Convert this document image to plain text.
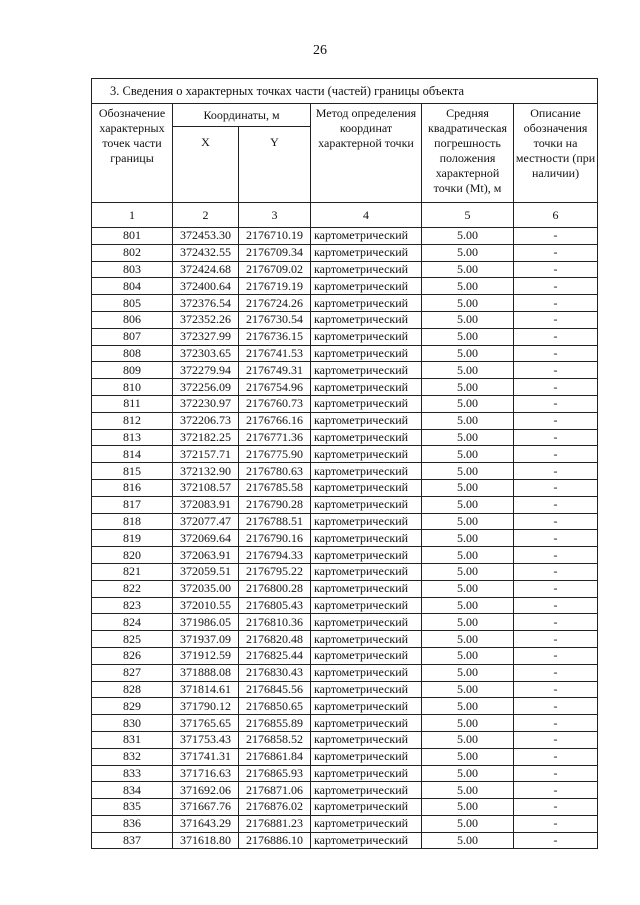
26
3. Сведения о характерных точках части (частей) границы объекта					
Обозначение характерных точек части границы	Координаты, м		Метод определения координат характерной точки	Средняя квадратическая погрешность положения характерной точки (Mt), м	Описание обозначения точки на местности (при наличии)
	X	Y			
1	2	3	4	5	6
801	372453.30	2176710.19	картометрический	5.00	-
802	372432.55	2176709.34	картометрический	5.00	-
803	372424.68	2176709.02	картометрический	5.00	-
804	372400.64	2176719.19	картометрический	5.00	-
805	372376.54	2176724.26	картометрический	5.00	-
806	372352.26	2176730.54	картометрический	5.00	-
807	372327.99	2176736.15	картометрический	5.00	-
808	372303.65	2176741.53	картометрический	5.00	-
809	372279.94	2176749.31	картометрический	5.00	-
810	372256.09	2176754.96	картометрический	5.00	-
811	372230.97	2176760.73	картометрический	5.00	-
812	372206.73	2176766.16	картометрический	5.00	-
813	372182.25	2176771.36	картометрический	5.00	-
814	372157.71	2176775.90	картометрический	5.00	-
815	372132.90	2176780.63	картометрический	5.00	-
816	372108.57	2176785.58	картометрический	5.00	-
817	372083.91	2176790.28	картометрический	5.00	-
818	372077.47	2176788.51	картометрический	5.00	-
819	372069.64	2176790.16	картометрический	5.00	-
820	372063.91	2176794.33	картометрический	5.00	-
821	372059.51	2176795.22	картометрический	5.00	-
822	372035.00	2176800.28	картометрический	5.00	-
823	372010.55	2176805.43	картометрический	5.00	-
824	371986.05	2176810.36	картометрический	5.00	-
825	371937.09	2176820.48	картометрический	5.00	-
826	371912.59	2176825.44	картометрический	5.00	-
827	371888.08	2176830.43	картометрический	5.00	-
828	371814.61	2176845.56	картометрический	5.00	-
829	371790.12	2176850.65	картометрический	5.00	-
830	371765.65	2176855.89	картометрический	5.00	-
831	371753.43	2176858.52	картометрический	5.00	-
832	371741.31	2176861.84	картометрический	5.00	-
833	371716.63	2176865.93	картометрический	5.00	-
834	371692.06	2176871.06	картометрический	5.00	-
835	371667.76	2176876.02	картометрический	5.00	-
836	371643.29	2176881.23	картометрический	5.00	-
837	371618.80	2176886.10	картометрический	5.00	-
